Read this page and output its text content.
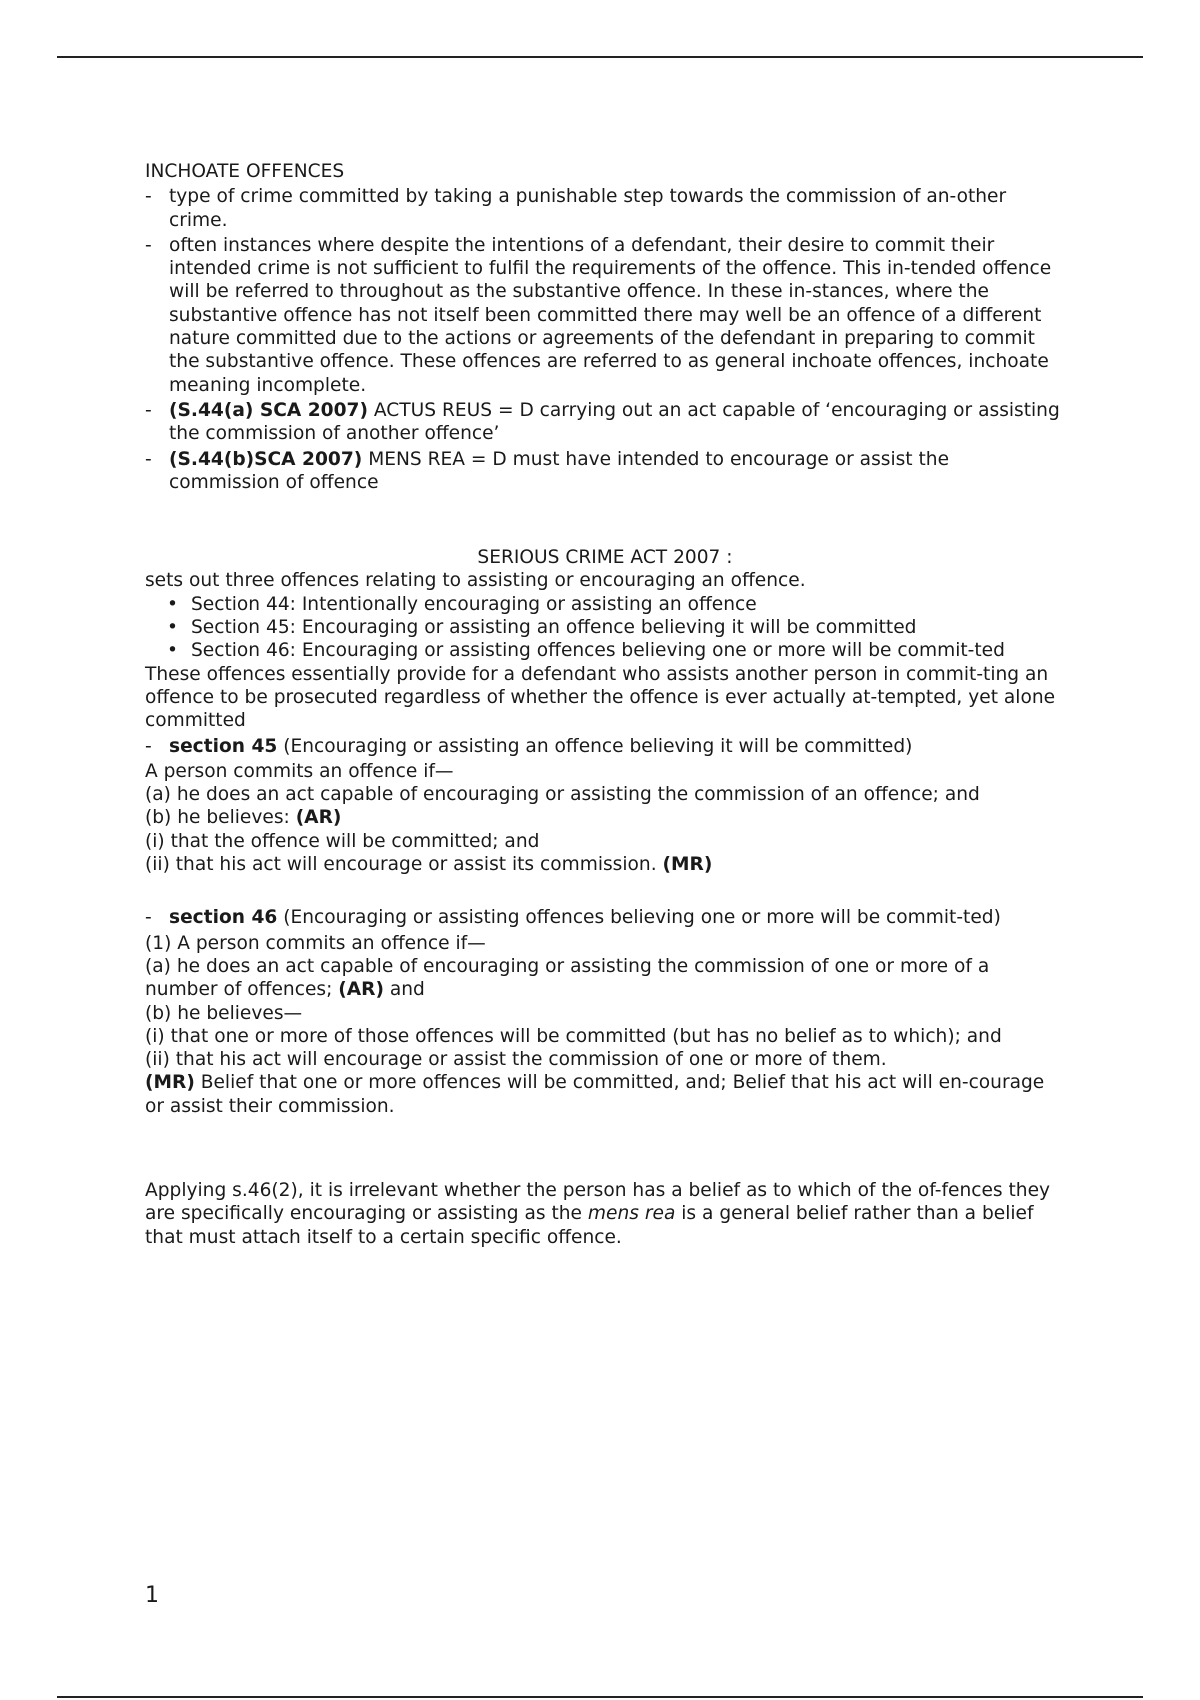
INCHOATE OFFENCES

- type of crime committed by taking a punishable step towards the commission of an-other crime.
- often instances where despite the intentions of a defendant, their desire to commit their intended crime is not sufficient to fulfil the requirements of the offence. This in-tended offence will be referred to throughout as the substantive offence. In these in-stances, where the substantive offence has not itself been committed there may well be an offence of a different nature committed due to the actions or agreements of the defendant in preparing to commit the substantive offence. These offences are referred to as general inchoate offences, inchoate meaning incomplete.
- (S.44(a) SCA 2007) ACTUS REUS = D carrying out an act capable of ‘encouraging or assisting the commission of another offence’
- (S.44(b)SCA 2007) MENS REA = D must have intended to encourage or assist the commission of offence

SERIOUS CRIME ACT 2007 :

sets out three offences relating to assisting or encouraging an offence.

• Section 44: Intentionally encouraging or assisting an offence
• Section 45: Encouraging or assisting an offence believing it will be committed
• Section 46: Encouraging or assisting offences believing one or more will be commit-ted

These offences essentially provide for a defendant who assists another person in commit-ting an offence to be prosecuted regardless of whether the offence is ever actually at-tempted, yet alone committed

- section 45 (Encouraging or assisting an offence believing it will be committed)

A person commits an offence if—

(a) he does an act capable of encouraging or assisting the commission of an offence; and

(b) he believes: (AR)

(i) that the offence will be committed; and

(ii) that his act will encourage or assist its commission. (MR)

- section 46 (Encouraging or assisting offences believing one or more will be commit-ted)

(1) A person commits an offence if—

(a) he does an act capable of encouraging or assisting the commission of one or more of a number of offences; (AR) and

(b) he believes—

(i) that one or more of those offences will be committed (but has no belief as to which); and

(ii) that his act will encourage or assist the commission of one or more of them.

(MR) Belief that one or more offences will be committed, and; Belief that his act will en-courage or assist their commission.

Applying s.46(2), it is irrelevant whether the person has a belief as to which of the of-fences they are specifically encouraging or assisting as the mens rea is a general belief rather than a belief that must attach itself to a certain specific offence.

1
